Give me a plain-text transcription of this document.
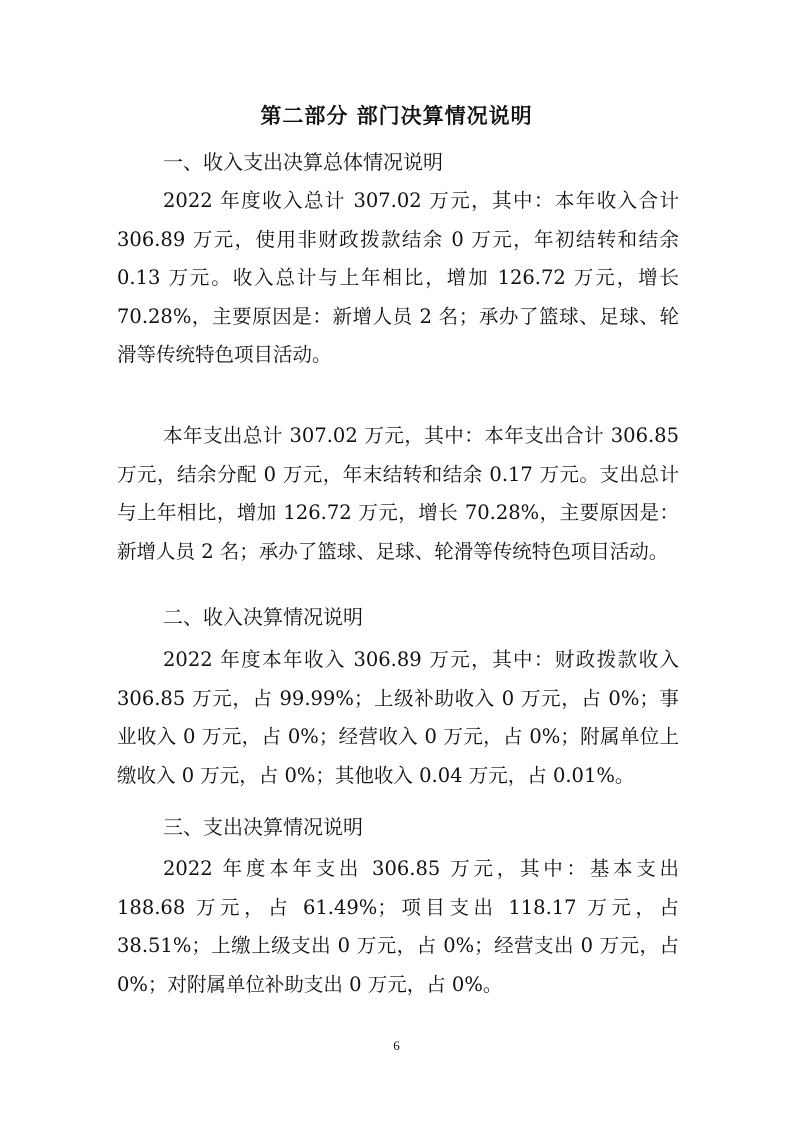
第二部分 部门决算情况说明
一、收入支出决算总体情况说明

2022 年度收入总计 307.02 万元，其中：本年收入合计 306.89 万元，使用非财政拨款结余 0 万元，年初结转和结余 0.13 万元。收入总计与上年相比，增加 126.72 万元，增长 70.28%，主要原因是：新增人员 2 名；承办了篮球、足球、轮滑等传统特色项目活动。

本年支出总计 307.02 万元，其中：本年支出合计 306.85 万元，结余分配 0 万元，年末结转和结余 0.17 万元。支出总计与上年相比，增加 126.72 万元，增长 70.28%，主要原因是：新增人员 2 名；承办了篮球、足球、轮滑等传统特色项目活动。

二、收入决算情况说明

2022 年度本年收入 306.89 万元，其中：财政拨款收入 306.85 万元，占 99.99%；上级补助收入 0 万元，占 0%；事业收入 0 万元，占 0%；经营收入 0 万元，占 0%；附属单位上缴收入 0 万元，占 0%；其他收入 0.04 万元，占 0.01%。

三、支出决算情况说明

2022 年度本年支出 306.85 万元，其中：基本支出 188.68 万元，占 61.49%；项目支出 118.17 万元，占 38.51%；上缴上级支出 0 万元，占 0%；经营支出 0 万元，占 0%；对附属单位补助支出 0 万元，占 0%。

6
